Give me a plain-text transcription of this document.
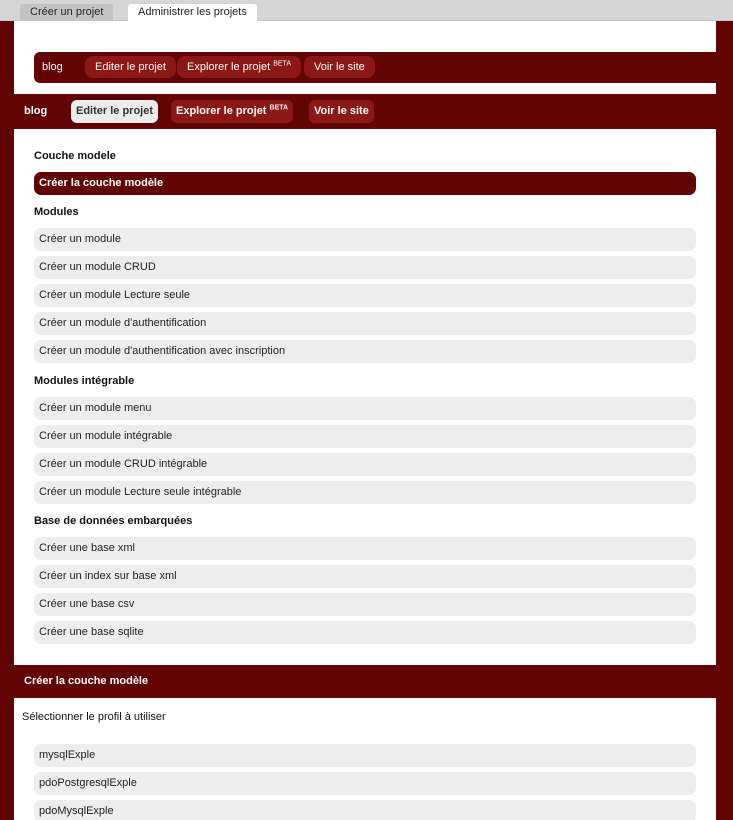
Créer un projet	Administrer les projets
blog	Editer le projet	Explorer le projet $^{BETA}$	Voir le site
blog	Editer le projet	Explorer le projet $^{BETA}$	Voir le site
Couche modele
Créer la couche modèle
Modules
Créer un module
Créer un module CRUD
Créer un module Lecture seule
Créer un module d'authentification
Créer un module d'authentification avec inscription
Modules intégrable
Créer un module menu
Créer un module intégrable
Créer un module CRUD intégrable
Créer un module Lecture seule intégrable
Base de données embarquées
Créer une base xml
Créer un index sur base xml
Créer une base csv
Créer une base sqlite
Créer la couche modèle
Sélectionner le profil à utiliser
mysqlExple
pdoPostgresqlExple
pdoMysqlExple
